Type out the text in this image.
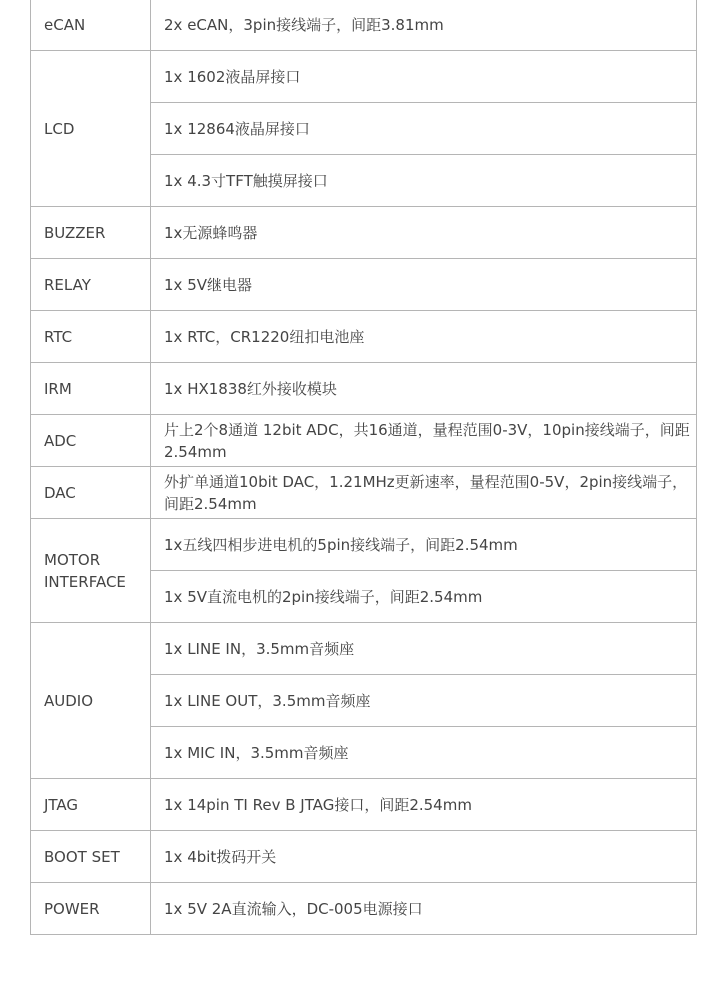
eCAN	2x eCAN，3pin接线端子，间距3.81mm

LCD	1x 1602液晶屏接口
	1x 12864液晶屏接口
	1x 4.3寸TFT触摸屏接口

BUZZER	1x无源蜂鸣器

RELAY	1x 5V继电器

RTC	1x RTC，CR1220纽扣电池座

IRM	1x HX1838红外接收模块

ADC	片上2个8通道 12bit ADC，共16通道，量程范围0-3V，10pin接线端子，间距2.54mm

DAC	外扩单通道10bit DAC，1.21MHz更新速率，量程范围0-5V，2pin接线端子，间距2.54mm

MOTOR INTERFACE	1x五线四相步进电机的5pin接线端子，间距2.54mm
	1x 5V直流电机的2pin接线端子，间距2.54mm

AUDIO	1x LINE IN，3.5mm音频座
	1x LINE OUT，3.5mm音频座
	1x MIC IN，3.5mm音频座

JTAG	1x 14pin TI Rev B JTAG接口，间距2.54mm

BOOT SET	1x 4bit拨码开关

POWER	1x 5V 2A直流输入，DC-005电源接口
